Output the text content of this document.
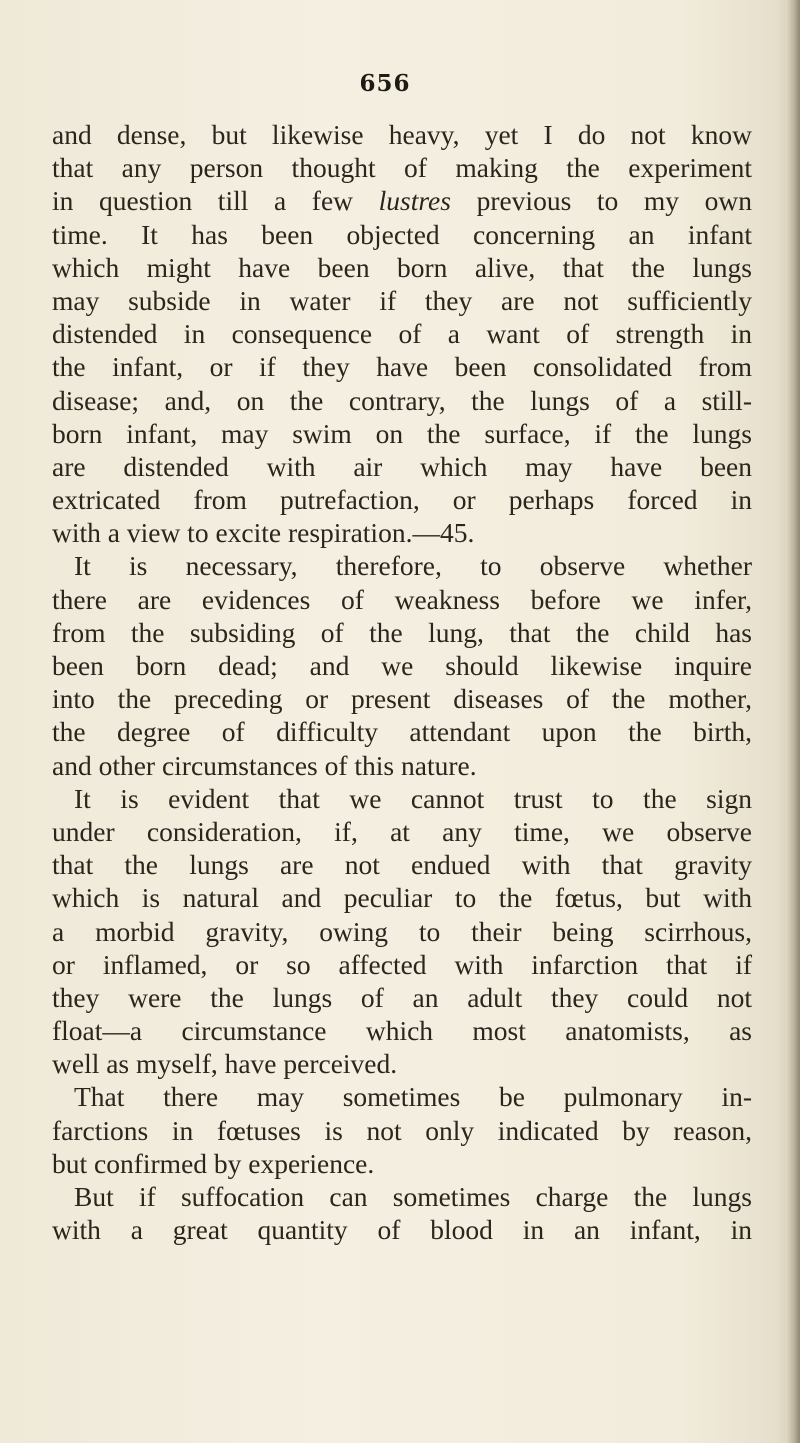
656
and dense, but likewise heavy, yet I do not know
that any person thought of making the experiment
in question till a few lustres previous to my own
time. It has been objected concerning an infant
which might have been born alive, that the lungs
may subside in water if they are not sufficiently
distended in consequence of a want of strength in
the infant, or if they have been consolidated from
disease; and, on the contrary, the lungs of a still-
born infant, may swim on the surface, if the lungs
are distended with air which may have been
extricated from putrefaction, or perhaps forced in
with a view to excite respiration.—45.
It is necessary, therefore, to observe whether
there are evidences of weakness before we infer,
from the subsiding of the lung, that the child has
been born dead; and we should likewise inquire
into the preceding or present diseases of the mother,
the degree of difficulty attendant upon the birth,
and other circumstances of this nature.
It is evident that we cannot trust to the sign
under consideration, if, at any time, we observe
that the lungs are not endued with that gravity
which is natural and peculiar to the fœtus, but with
a morbid gravity, owing to their being scirrhous,
or inflamed, or so affected with infarction that if
they were the lungs of an adult they could not
float—a circumstance which most anatomists, as
well as myself, have perceived.
That there may sometimes be pulmonary in-
farctions in fœtuses is not only indicated by reason,
but confirmed by experience.
But if suffocation can sometimes charge the lungs
with a great quantity of blood in an infant, in
